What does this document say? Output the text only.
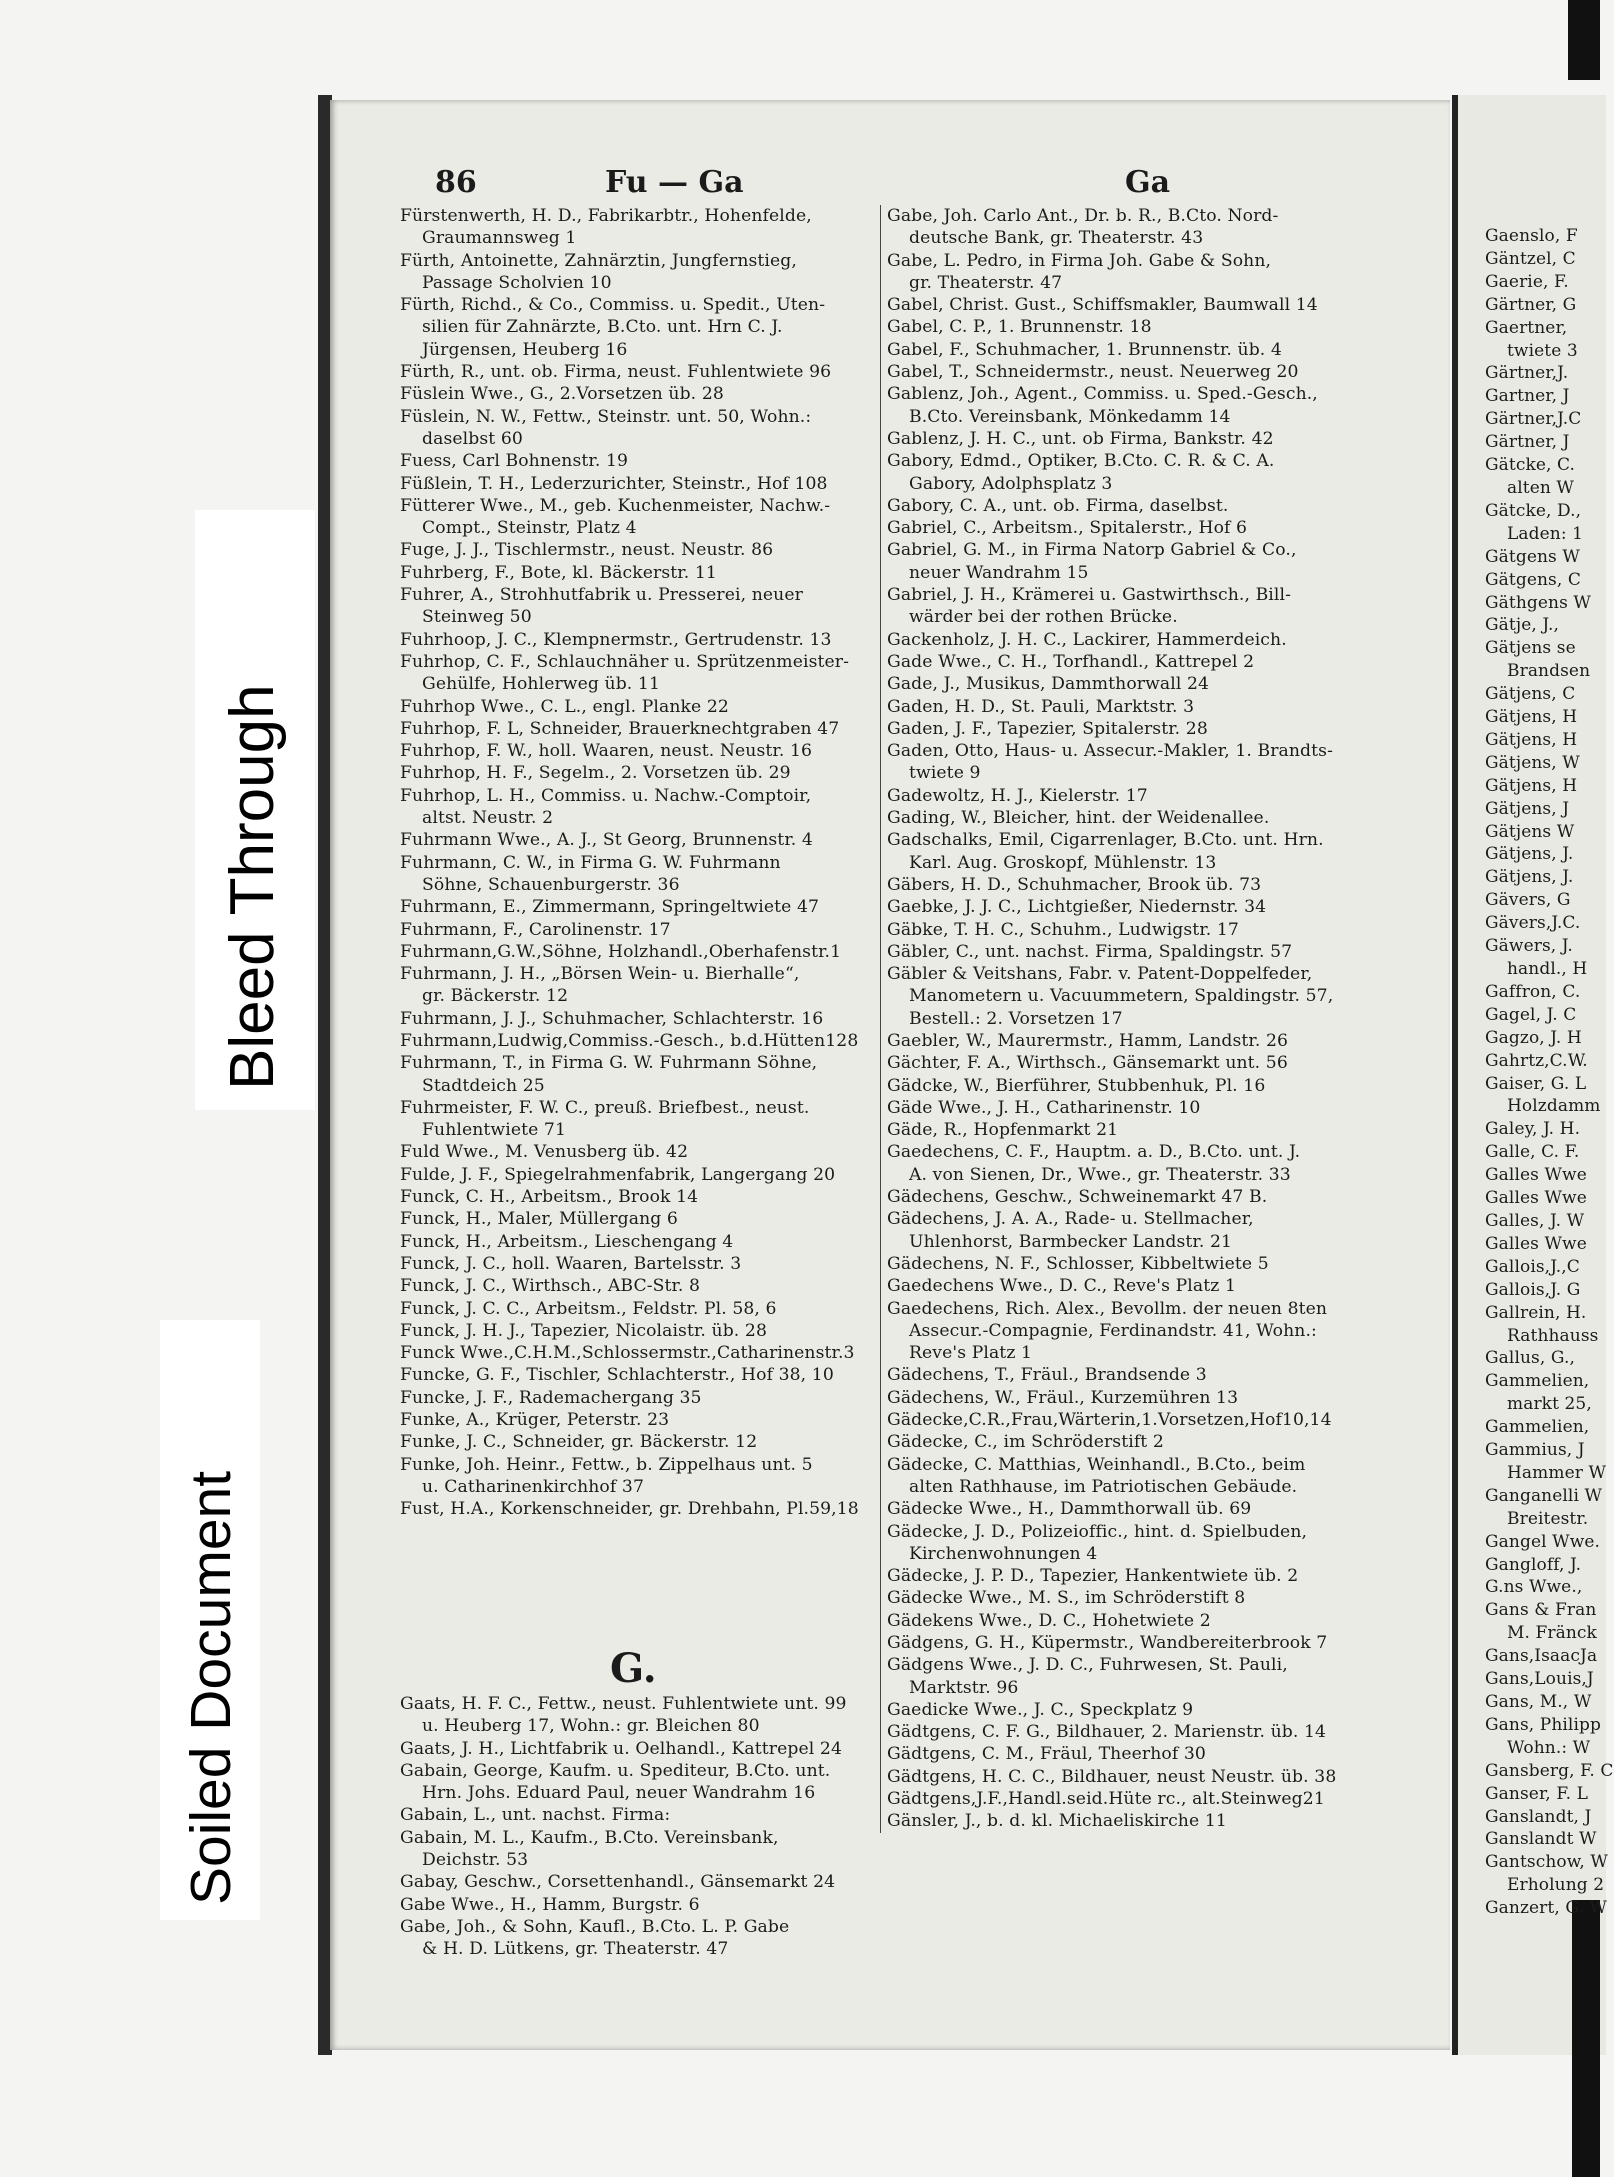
86	Fu — Ga	Ga
Fürstenwerth, H. D., Fabrikarbtr., Hohenfelde,
Graumannsweg 1
Fürth, Antoinette, Zahnärztin, Jungfernstieg,
Passage Scholvien 10
Fürth, Richd., & Co., Commiss. u. Spedit., Uten-
silien für Zahnärzte, B.Cto. unt. Hrn C. J.
Jürgensen, Heuberg 16
Fürth, R., unt. ob. Firma, neust. Fuhlentwiete 96
Füslein Wwe., G., 2.Vorsetzen üb. 28
Füslein, N. W., Fettw., Steinstr. unt. 50, Wohn.:
daselbst 60
Fuess, Carl Bohnenstr. 19
Füßlein, T. H., Lederzurichter, Steinstr., Hof 108
Fütterer Wwe., M., geb. Kuchenmeister, Nachw.-
Compt., Steinstr, Platz 4
Fuge, J. J., Tischlermstr., neust. Neustr. 86
Fuhrberg, F., Bote, kl. Bäckerstr. 11
Fuhrer, A., Strohhutfabrik u. Presserei, neuer
Steinweg 50
Fuhrhoop, J. C., Klempnermstr., Gertrudenstr. 13
Fuhrhop, C. F., Schlauchnäher u. Sprützenmeister-
Gehülfe, Hohlerweg üb. 11
Fuhrhop Wwe., C. L., engl. Planke 22
Fuhrhop, F. L, Schneider, Brauerknechtgraben 47
Fuhrhop, F. W., holl. Waaren, neust. Neustr. 16
Fuhrhop, H. F., Segelm., 2. Vorsetzen üb. 29
Fuhrhop, L. H., Commiss. u. Nachw.-Comptoir,
altst. Neustr. 2
Fuhrmann Wwe., A. J., St Georg, Brunnenstr. 4
Fuhrmann, C. W., in Firma G. W. Fuhrmann
Söhne, Schauenburgerstr. 36
Fuhrmann, E., Zimmermann, Springeltwiete 47
Fuhrmann, F., Carolinenstr. 17
Fuhrmann,G.W.,Söhne, Holzhandl.,Oberhafenstr.1
Fuhrmann, J. H., „Börsen Wein- u. Bierhalle“,
gr. Bäckerstr. 12
Fuhrmann, J. J., Schuhmacher, Schlachterstr. 16
Fuhrmann,Ludwig,Commiss.-Gesch., b.d.Hütten128
Fuhrmann, T., in Firma G. W. Fuhrmann Söhne,
Stadtdeich 25
Fuhrmeister, F. W. C., preuß. Briefbest., neust.
Fuhlentwiete 71
Fuld Wwe., M. Venusberg üb. 42
Fulde, J. F., Spiegelrahmenfabrik, Langergang 20
Funck, C. H., Arbeitsm., Brook 14
Funck, H., Maler, Müllergang 6
Funck, H., Arbeitsm., Lieschengang 4
Funck, J. C., holl. Waaren, Bartelsstr. 3
Funck, J. C., Wirthsch., ABC-Str. 8
Funck, J. C. C., Arbeitsm., Feldstr. Pl. 58, 6
Funck, J. H. J., Tapezier, Nicolaistr. üb. 28
Funck Wwe.,C.H.M.,Schlossermstr.,Catharinenstr.3
Funcke, G. F., Tischler, Schlachterstr., Hof 38, 10
Funcke, J. F., Rademachergang 35
Funke, A., Krüger, Peterstr. 23
Funke, J. C., Schneider, gr. Bäckerstr. 12
Funke, Joh. Heinr., Fettw., b. Zippelhaus unt. 5
u. Catharinenkirchhof 37
Fust, H.A., Korkenschneider, gr. Drehbahn, Pl.59,18
G.
Gaats, H. F. C., Fettw., neust. Fuhlentwiete unt. 99
u. Heuberg 17, Wohn.: gr. Bleichen 80
Gaats, J. H., Lichtfabrik u. Oelhandl., Kattrepel 24
Gabain, George, Kaufm. u. Spediteur, B.Cto. unt.
Hrn. Johs. Eduard Paul, neuer Wandrahm 16
Gabain, L., unt. nachst. Firma:
Gabain, M. L., Kaufm., B.Cto. Vereinsbank,
Deichstr. 53
Gabay, Geschw., Corsettenhandl., Gänsemarkt 24
Gabe Wwe., H., Hamm, Burgstr. 6
Gabe, Joh., & Sohn, Kaufl., B.Cto. L. P. Gabe
& H. D. Lütkens, gr. Theaterstr. 47
Gabe, Joh. Carlo Ant., Dr. b. R., B.Cto. Nord-
deutsche Bank, gr. Theaterstr. 43
Gabe, L. Pedro, in Firma Joh. Gabe & Sohn,
gr. Theaterstr. 47
Gabel, Christ. Gust., Schiffsmakler, Baumwall 14
Gabel, C. P., 1. Brunnenstr. 18
Gabel, F., Schuhmacher, 1. Brunnenstr. üb. 4
Gabel, T., Schneidermstr., neust. Neuerweg 20
Gablenz, Joh., Agent., Commiss. u. Sped.-Gesch.,
B.Cto. Vereinsbank, Mönkedamm 14
Gablenz, J. H. C., unt. ob Firma, Bankstr. 42
Gabory, Edmd., Optiker, B.Cto. C. R. & C. A.
Gabory, Adolphsplatz 3
Gabory, C. A., unt. ob. Firma, daselbst.
Gabriel, C., Arbeitsm., Spitalerstr., Hof 6
Gabriel, G. M., in Firma Natorp Gabriel & Co.,
neuer Wandrahm 15
Gabriel, J. H., Krämerei u. Gastwirthsch., Bill-
wärder bei der rothen Brücke.
Gackenholz, J. H. C., Lackirer, Hammerdeich.
Gade Wwe., C. H., Torfhandl., Kattrepel 2
Gade, J., Musikus, Dammthorwall 24
Gaden, H. D., St. Pauli, Marktstr. 3
Gaden, J. F., Tapezier, Spitalerstr. 28
Gaden, Otto, Haus- u. Assecur.-Makler, 1. Brandts-
twiete 9
Gadewoltz, H. J., Kielerstr. 17
Gading, W., Bleicher, hint. der Weidenallee.
Gadschalks, Emil, Cigarrenlager, B.Cto. unt. Hrn.
Karl. Aug. Groskopf, Mühlenstr. 13
Gäbers, H. D., Schuhmacher, Brook üb. 73
Gaebke, J. J. C., Lichtgießer, Niedernstr. 34
Gäbke, T. H. C., Schuhm., Ludwigstr. 17
Gäbler, C., unt. nachst. Firma, Spaldingstr. 57
Gäbler & Veitshans, Fabr. v. Patent-Doppelfeder,
Manometern u. Vacuummetern, Spaldingstr. 57,
Bestell.: 2. Vorsetzen 17
Gaebler, W., Maurermstr., Hamm, Landstr. 26
Gächter, F. A., Wirthsch., Gänsemarkt unt. 56
Gädcke, W., Bierführer, Stubbenhuk, Pl. 16
Gäde Wwe., J. H., Catharinenstr. 10
Gäde, R., Hopfenmarkt 21
Gaedechens, C. F., Hauptm. a. D., B.Cto. unt. J.
A. von Sienen, Dr., Wwe., gr. Theaterstr. 33
Gädechens, Geschw., Schweinemarkt 47 B.
Gädechens, J. A. A., Rade- u. Stellmacher,
Uhlenhorst, Barmbecker Landstr. 21
Gädechens, N. F., Schlosser, Kibbeltwiete 5
Gaedechens Wwe., D. C., Reve's Platz 1
Gaedechens, Rich. Alex., Bevollm. der neuen 8ten
Assecur.-Compagnie, Ferdinandstr. 41, Wohn.:
Reve's Platz 1
Gädechens, T., Fräul., Brandsende 3
Gädechens, W., Fräul., Kurzemühren 13
Gädecke,C.R.,Frau,Wärterin,1.Vorsetzen,Hof10,14
Gädecke, C., im Schröderstift 2
Gädecke, C. Matthias, Weinhandl., B.Cto., beim
alten Rathhause, im Patriotischen Gebäude.
Gädecke Wwe., H., Dammthorwall üb. 69
Gädecke, J. D., Polizeioffic., hint. d. Spielbuden,
Kirchenwohnungen 4
Gädecke, J. P. D., Tapezier, Hankentwiete üb. 2
Gädecke Wwe., M. S., im Schröderstift 8
Gädekens Wwe., D. C., Hohetwiete 2
Gädgens, G. H., Küpermstr., Wandbereiterbrook 7
Gädgens Wwe., J. D. C., Fuhrwesen, St. Pauli,
Marktstr. 96
Gaedicke Wwe., J. C., Speckplatz 9
Gädtgens, C. F. G., Bildhauer, 2. Marienstr. üb. 14
Gädtgens, C. M., Fräul, Theerhof 30
Gädtgens, H. C. C., Bildhauer, neust Neustr. üb. 38
Gädtgens,J.F.,Handl.seid.Hüte rc., alt.Steinweg21
Gänsler, J., b. d. kl. Michaeliskirche 11
Gaenslo, F
Gäntzel, C
Gaerie, F.
Gärtner, G
Gaertner,
twiete 3
Gärtner,J.
Gartner, J
Gärtner,J.C
Gärtner, J
Gätcke, C.
alten W
Gätcke, D.,
Laden: 1
Gätgens W
Gätgens, C
Gäthgens W
Gätje, J.,
Gätjens se
Brandsen
Gätjens, C
Gätjens, H
Gätjens, H
Gätjens, W
Gätjens, H
Gätjens, J
Gätjens W
Gätjens, J.
Gätjens, J.
Gävers, G
Gävers,J.C.
Gäwers, J.
handl., H
Gaffron, C.
Gagel, J. C
Gagzo, J. H
Gahrtz,C.W.
Gaiser, G. L
Holzdamm
Galey, J. H.
Galle, C. F.
Galles Wwe
Galles Wwe
Galles, J. W
Galles Wwe
Gallois,J.,C
Gallois,J. G
Gallrein, H.
Rathhauss
Gallus, G.,
Gammelien,
markt 25,
Gammelien,
Gammius, J
Hammer W
Ganganelli W
Breitestr.
Gangel Wwe.
Gangloff, J.
G.ns Wwe.,
Gans & Fran
M. Fränck
Gans,IsaacJa
Gans,Louis,J
Gans, M., W
Gans, Philipp
Wohn.: W
Gansberg, F. C
Ganser, F. L
Ganslandt, J
Ganslandt W
Gantschow, W
Erholung 2
Ganzert, G. W
Bleed Through
Soiled Document
